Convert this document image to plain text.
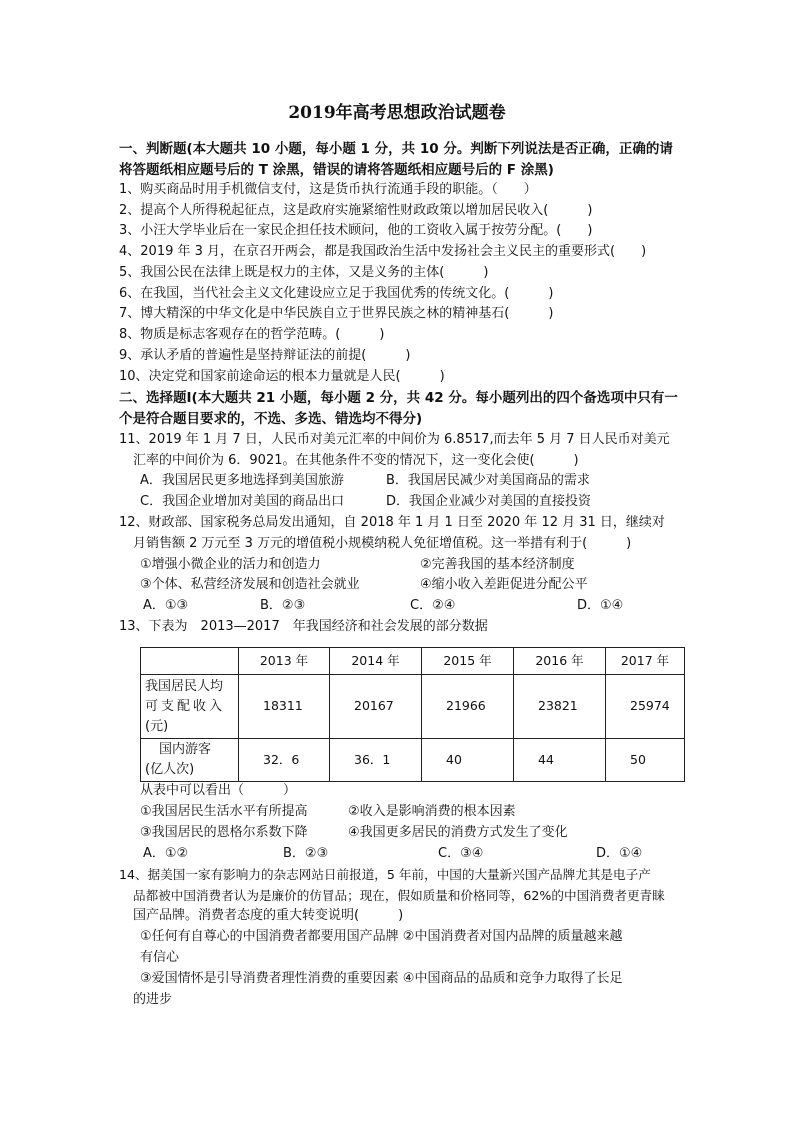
2019年高考思想政治试题卷
一、判断题(本大题共 10 小题，每小题 1 分，共 10 分。判断下列说法是否正确，正确的请
将答题纸相应题号后的 T 涂黑，错误的请将答题纸相应题号后的 F 涂黑)
1、购买商品时用手机微信支付，这是货币执行流通手段的职能。（　　）
2、提高个人所得税起征点，这是政府实施紧缩性财政政策以增加居民收入(　　　)
3、小汪大学毕业后在一家民企担任技术顾问，他的工资收入属于按劳分配。(　　)
4、2019 年 3 月，在京召开两会，都是我国政治生活中发扬社会主义民主的重要形式(　　)
5、我国公民在法律上既是权力的主体，又是义务的主体(　　　)
6、在我国，当代社会主义文化建设应立足于我国优秀的传统文化。(　　　)
7、博大精深的中华文化是中华民族自立于世界民族之林的精神基石(　　　)
8、物质是标志客观存在的哲学范畴。(　　　)
9、承认矛盾的普遍性是坚持辩证法的前提(　　　)
10、决定党和国家前途命运的根本力量就是人民(　　　)
二、选择题Ⅰ(本大题共 21 小题，每小题 2 分，共 42 分。每小题列出的四个备选项中只有一
个是符合题目要求的，不选、多选、错选均不得分)
11、2019 年 1 月 7 日，人民币对美元汇率的中间价为 6.8517,而去年 5 月 7 日人民币对美元
汇率的中间价为 6．9021。在其他条件不变的情况下，这一变化会使(　　　)
A．我国居民更多地选择到美国旅游	B．我国居民减少对美国商品的需求
C．我国企业增加对美国的商品出口	D．我国企业减少对美国的直接投资
12、财政部、国家税务总局发出通知，自 2018 年 1 月 1 日至 2020 年 12 月 31 日，继续对
月销售额 2 万元至 3 万元的增值税小规模纳税人免征增值税。这一举措有利于(　　　)
①增强小微企业的活力和创造力	②完善我国的基本经济制度
③个体、私营经济发展和创造社会就业	④缩小收入差距促进分配公平
A．①③	B．②③	C．②④	D．①④
13、下表为　2013—2017　年我国经济和社会发展的部分数据
	2013 年	2014 年	2015 年	2016 年	2017 年

我国居民人均
可支配收入
(元)	18311	20167	21966	23821	25974

国内游客
(亿人次)	32．6	36．1	40	44	50
从表中可以看出（　　　）
①我国居民生活水平有所提高	②收入是影响消费的根本因素
③我国居民的恩格尔系数下降	④我国更多居民的消费方式发生了变化
A．①②	B．②③	C．③④	D．①④
14、据美国一家有影响力的杂志网站日前报道，5 年前，中国的大量新兴国产品牌尤其是电子产
品都被中国消费者认为是廉价的仿冒品；现在，假如质量和价格同等，62%的中国消费者更青睐
国产品牌。消费者态度的重大转变说明(　　　)
①任何有自尊心的中国消费者都要用国产品牌 ②中国消费者对国内品牌的质量越来越
有信心
③爱国情怀是引导消费者理性消费的重要因素 ④中国商品的品质和竞争力取得了长足
的进步
